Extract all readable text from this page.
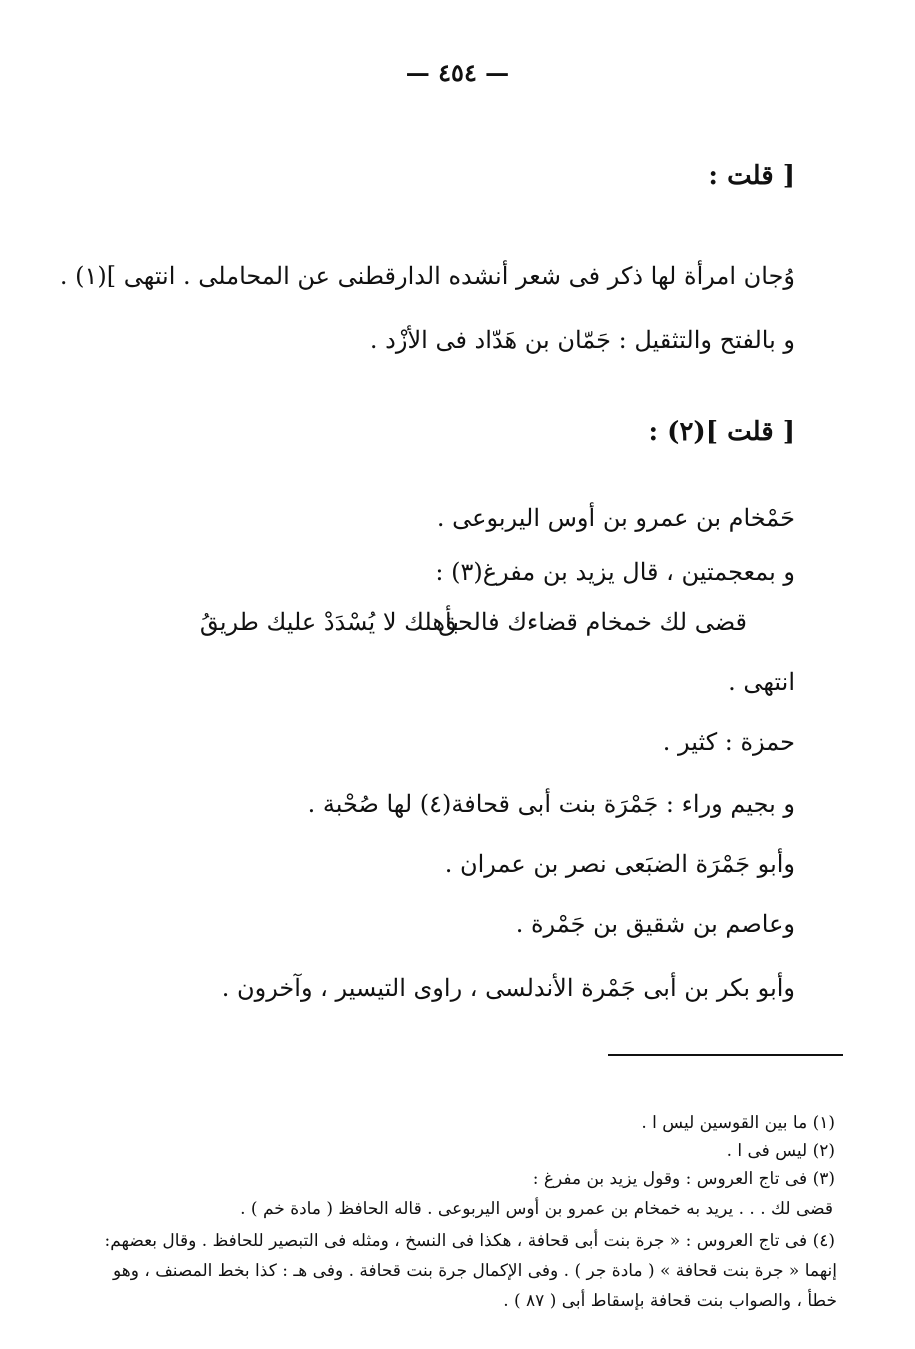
— ٤٥٤ —
[ قلت :
وُجان امرأة لها ذكر فى شعر أنشده الدارقطنى عن المحاملى . انتهى ](١) .
و بالفتح والتثقيل : جَمّان بن هَدّاد فى الأزْد .
[ قلت ](٢) :
حَمْخام بن عمرو بن أوس اليربوعى .
و بمعجمتين ، قال يزيد بن مفرغ(٣) :
قضى لك خمخام قضاءك فالحق
بأهلك لا يُسْدَدْ عليك طريقُ
انتهى .
حمزة : كثير .
و بجيم وراء : جَمْرَة بنت أبى قحافة(٤) لها صُحْبة .
وأبو جَمْرَة الضبَعى نصر بن عمران .
وعاصم بن شقيق بن جَمْرة .
وأبو بكر بن أبى جَمْرة الأندلسى ، راوى التيسير ، وآخرون .
(١) ما بين القوسين ليس ا .
(٢) ليس فى ا .
(٣) فى تاج العروس : وقول يزيد بن مفرغ :
قضى لك . . . يريد به خمخام بن عمرو بن أوس اليربوعى . قاله الحافظ ( مادة خم ) .
(٤) فى تاج العروس : « جرة بنت أبى قحافة ، هكذا فى النسخ ، ومثله فى التبصير للحافظ . وقال بعضهم:
إنهما « جرة بنت قحافة » ( مادة جر ) . وفى الإكمال جرة بنت قحافة . وفى هـ : كذا بخط المصنف ، وهو
خطأ ، والصواب بنت قحافة بإسقاط أبى ( ٨٧ ) .
